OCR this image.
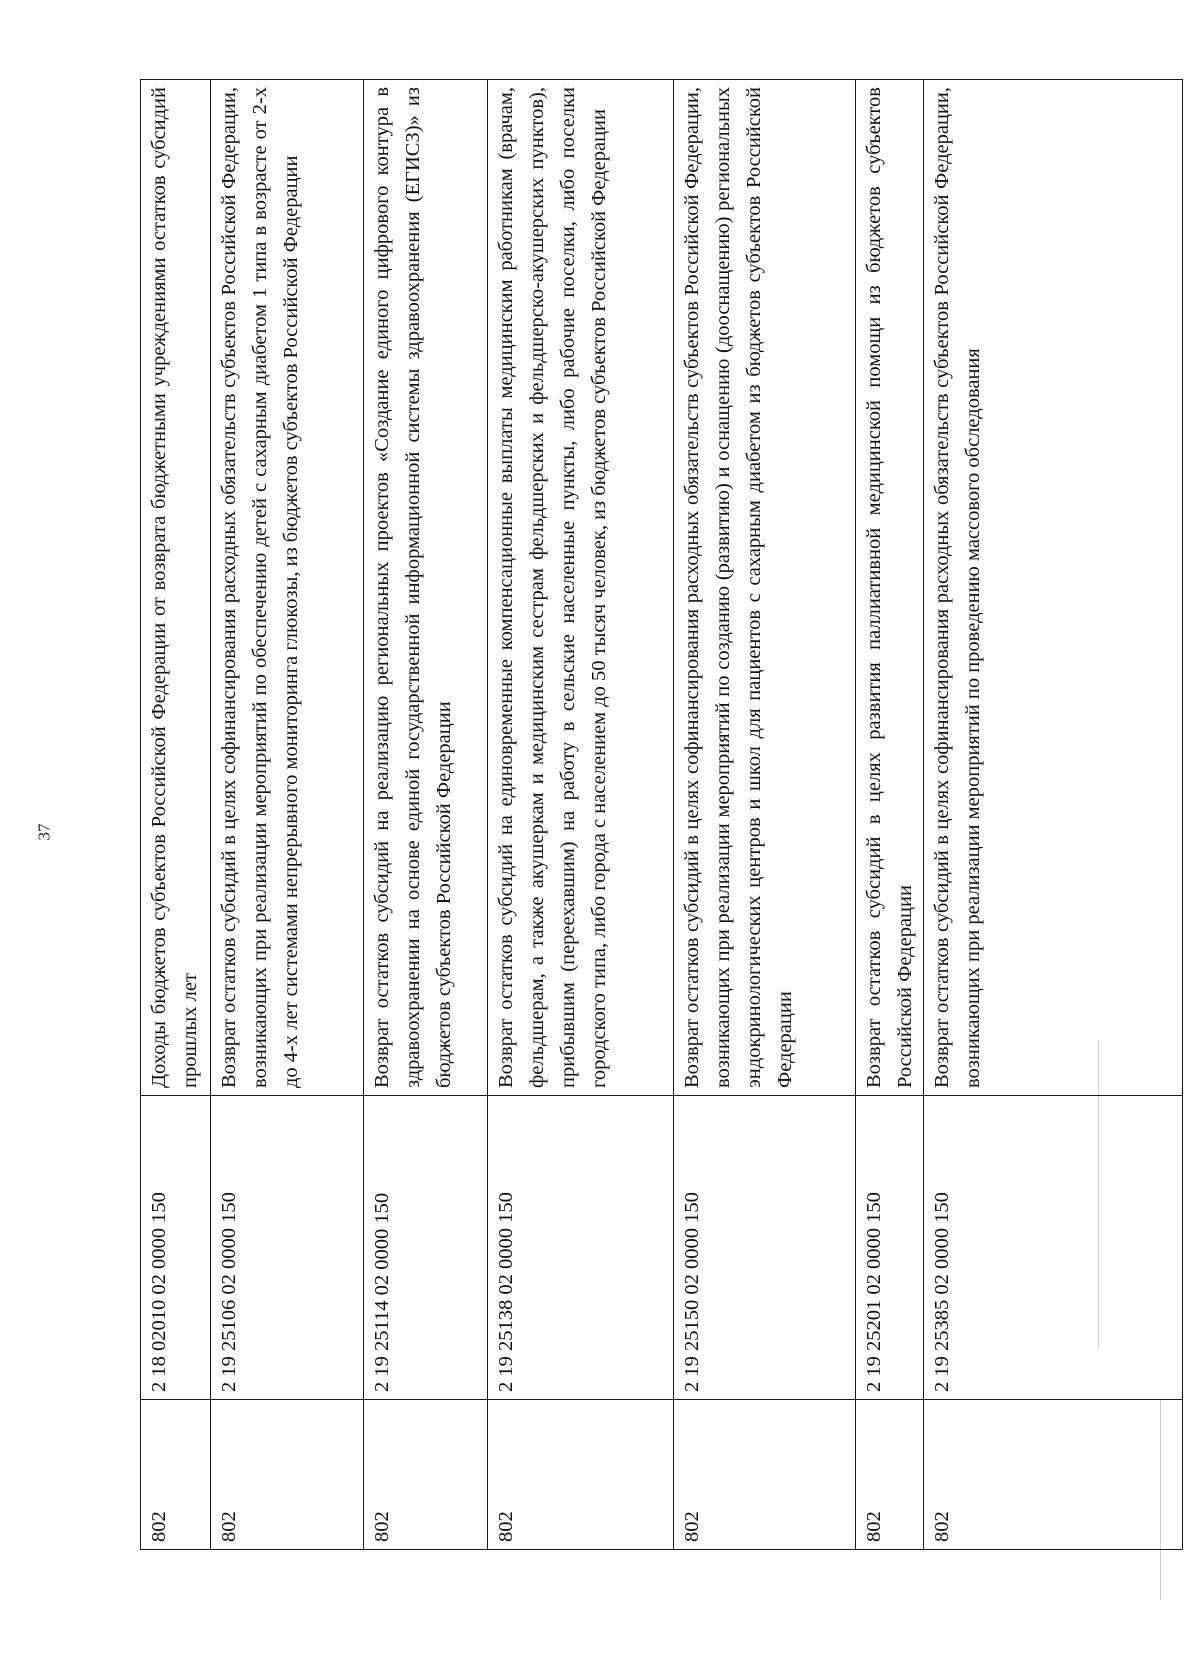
37
802	2 18 02010 02 0000 150	Доходы бюджетов субъектов Российской Федерации от возврата бюджетными учреждениями остатков субсидий прошлых лет
802	2 19 25106 02 0000 150	Возврат остатков субсидий в целях софинансирования расходных обязательств субъектов Российской Федерации, возникающих при реализации мероприятий по обеспечению детей с сахарным диабетом 1 типа в возрасте от 2-х до 4-х лет системами непрерывного мониторинга глюкозы, из бюджетов субъектов Российской Федерации
802	2 19 25114 02 0000 150	Возврат остатков субсидий на реализацию региональных проектов «Создание единого цифрового контура в здравоохранении на основе единой государственной информационной системы здравоохранения (ЕГИСЗ)» из бюджетов субъектов Российской Федерации
802	2 19 25138 02 0000 150	Возврат остатков субсидий на единовременные компенсационные выплаты медицинским работникам (врачам, фельдшерам, а также акушеркам и медицинским сестрам фельдшерских и фельдшерско-акушерских пунктов), прибывшим (переехавшим) на работу в сельские населенные пункты, либо рабочие поселки, либо поселки городского типа, либо города с населением до 50 тысяч человек, из бюджетов субъектов Российской Федерации
802	2 19 25150 02 0000 150	Возврат остатков субсидий в целях софинансирования расходных обязательств субъектов Российской Федерации, возникающих при реализации мероприятий по созданию (развитию) и оснащению (дооснащению) региональных эндокринологических центров и школ для пациентов с сахарным диабетом из бюджетов субъектов Российской Федерации
802	2 19 25201 02 0000 150	Возврат остатков субсидий в целях развития паллиативной медицинской помощи из бюджетов субъектов Российской Федерации
802	2 19 25385 02 0000 150	Возврат остатков субсидий в целях софинансирования расходных обязательств субъектов Российской Федерации, возникающих при реализации мероприятий по проведению массового обследования
